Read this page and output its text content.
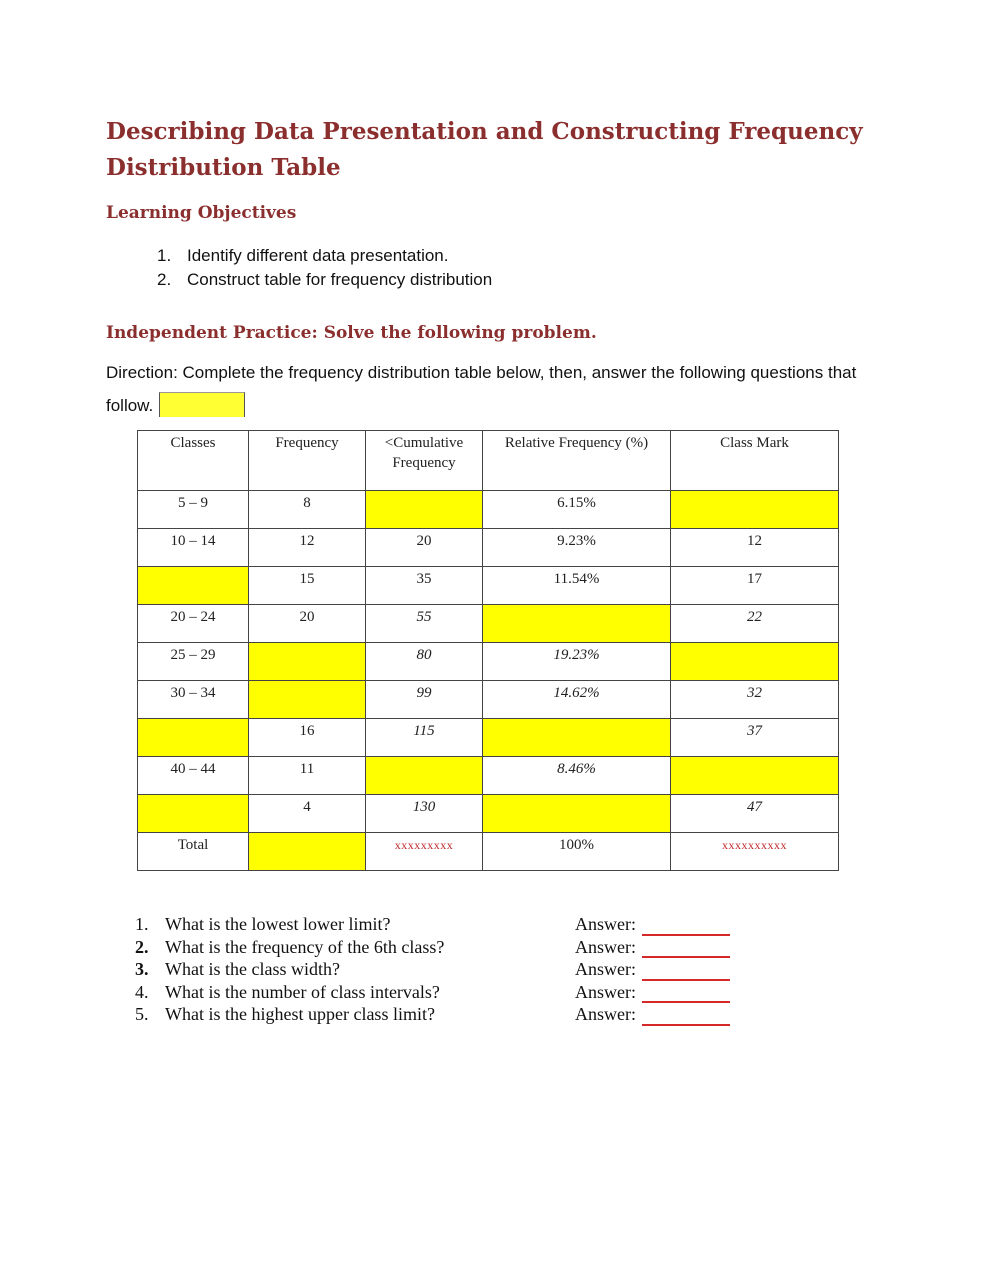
Describing Data Presentation and Constructing Frequency Distribution Table
Learning Objectives
1. Identify different data presentation.
2. Construct table for frequency distribution
Independent Practice: Solve the following problem.
Direction: Complete the frequency distribution table below, then, answer the following questions that follow.
Classes	Frequency	<Cumulative Frequency	Relative Frequency (%)	Class Mark
5 – 9	8		6.15%	
10 – 14	12	20	9.23%	12
	15	35	11.54%	17
20 – 24	20	55		22
25 – 29		80	19.23%	
30 – 34		99	14.62%	32
	16	115		37
40 – 44	11		8.46%	
	4	130		47
Total		xxxxxxxxx	100%	xxxxxxxxxx
1. What is the lowest lower limit?
2. What is the frequency of the 6th class?
3. What is the class width?
4. What is the number of class intervals?
5. What is the highest upper class limit?
Answer:
Answer:
Answer:
Answer:
Answer:
